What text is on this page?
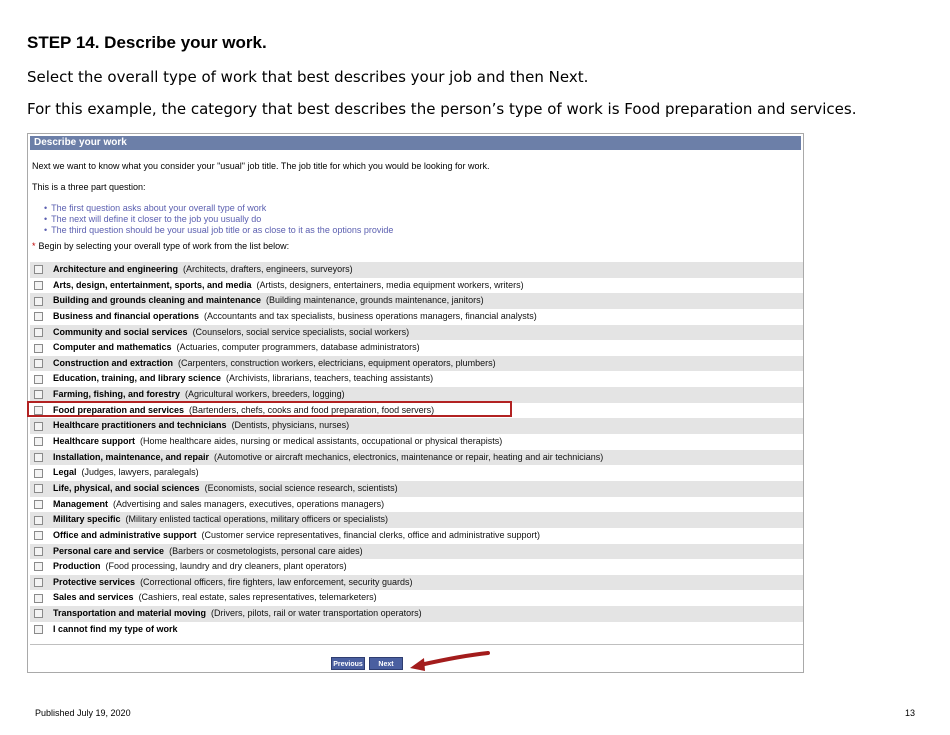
STEP 14. Describe your work.

Select the overall type of work that best describes your job and then Next.

For this example, the category that best describes the person’s type of work is Food preparation and services.

Describe your work

Next we want to know what you consider your "usual" job title. The job title for which you would be looking for work.

This is a three part question:

• The first question asks about your overall type of work
• The next will define it closer to the job you usually do
• The third question should be your usual job title or as close to it as the options provide

* Begin by selecting your overall type of work from the list below:

Architecture and engineering (Architects, drafters, engineers, surveyors)
Arts, design, entertainment, sports, and media (Artists, designers, entertainers, media equipment workers, writers)
Building and grounds cleaning and maintenance (Building maintenance, grounds maintenance, janitors)
Business and financial operations (Accountants and tax specialists, business operations managers, financial analysts)
Community and social services (Counselors, social service specialists, social workers)
Computer and mathematics (Actuaries, computer programmers, database administrators)
Construction and extraction (Carpenters, construction workers, electricians, equipment operators, plumbers)
Education, training, and library science (Archivists, librarians, teachers, teaching assistants)
Farming, fishing, and forestry (Agricultural workers, breeders, logging)
Food preparation and services (Bartenders, chefs, cooks and food preparation, food servers)
Healthcare practitioners and technicians (Dentists, physicians, nurses)
Healthcare support (Home healthcare aides, nursing or medical assistants, occupational or physical therapists)
Installation, maintenance, and repair (Automotive or aircraft mechanics, electronics, maintenance or repair, heating and air technicians)
Legal (Judges, lawyers, paralegals)
Life, physical, and social sciences (Economists, social science research, scientists)
Management (Advertising and sales managers, executives, operations managers)
Military specific (Military enlisted tactical operations, military officers or specialists)
Office and administrative support (Customer service representatives, financial clerks, office and administrative support)
Personal care and service (Barbers or cosmetologists, personal care aides)
Production (Food processing, laundry and dry cleaners, plant operators)
Protective services (Correctional officers, fire fighters, law enforcement, security guards)
Sales and services (Cashiers, real estate, sales representatives, telemarketers)
Transportation and material moving (Drivers, pilots, rail or water transportation operators)
I cannot find my type of work
Previous	Next

Published July 19, 2020	13
